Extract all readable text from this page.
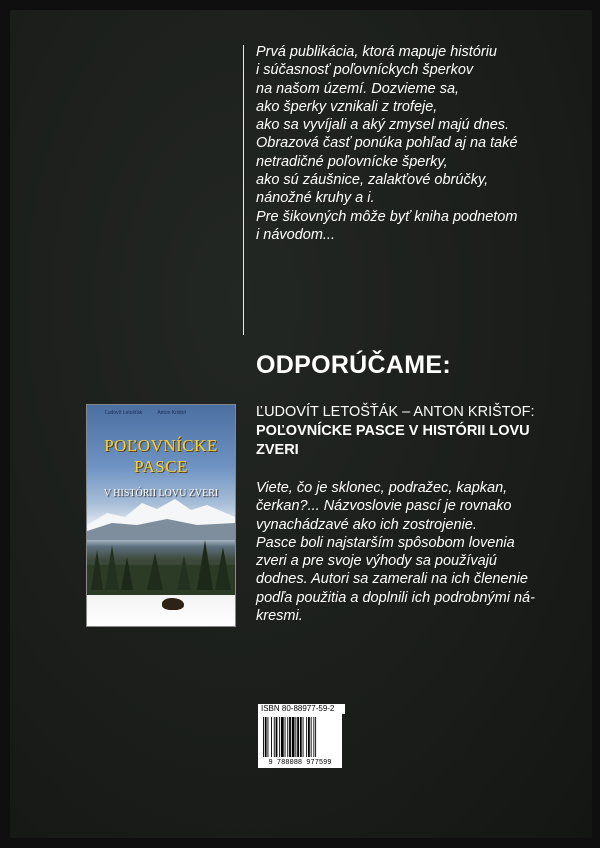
Prvá publikácia, ktorá mapuje históriu
i súčasnosť poľovníckych šperkov
na našom území. Dozvieme sa,
ako šperky vznikali z trofeje,
ako sa vyvíjali a aký zmysel majú dnes.
Obrazová časť ponúka pohľad aj na také
netradičné poľovnícke šperky,
ako sú záušnice, zalakťové obrúčky,
nánožné kruhy a i.
Pre šikovných môže byť kniha podnetom
i návodom...
ODPORÚČAME:
ĽUDOVÍT LETOŠŤÁK – ANTON KRIŠTOF:
POĽOVNÍCKE PASCE V HISTÓRII LOVU
ZVERI
Viete, čo je sklonec, podražec, kapkan,
čerkan?... Názvoslovie pascí je rovnako
vynachádzavé ako ich zostrojenie.
Pasce boli najstarším spôsobom lovenia
zveri a pre svoje výhody sa používajú
dodnes. Autori sa zamerali na ich členenie
podľa použitia a doplnili ich podrobnými ná-
kresmi.
Ľudovít Letošťák	Anton Krištof
POĽOVNÍCKE
PASCE
V HISTÓRII LOVU ZVERI
ISBN 80-88977-59-2
9 788088 977599
